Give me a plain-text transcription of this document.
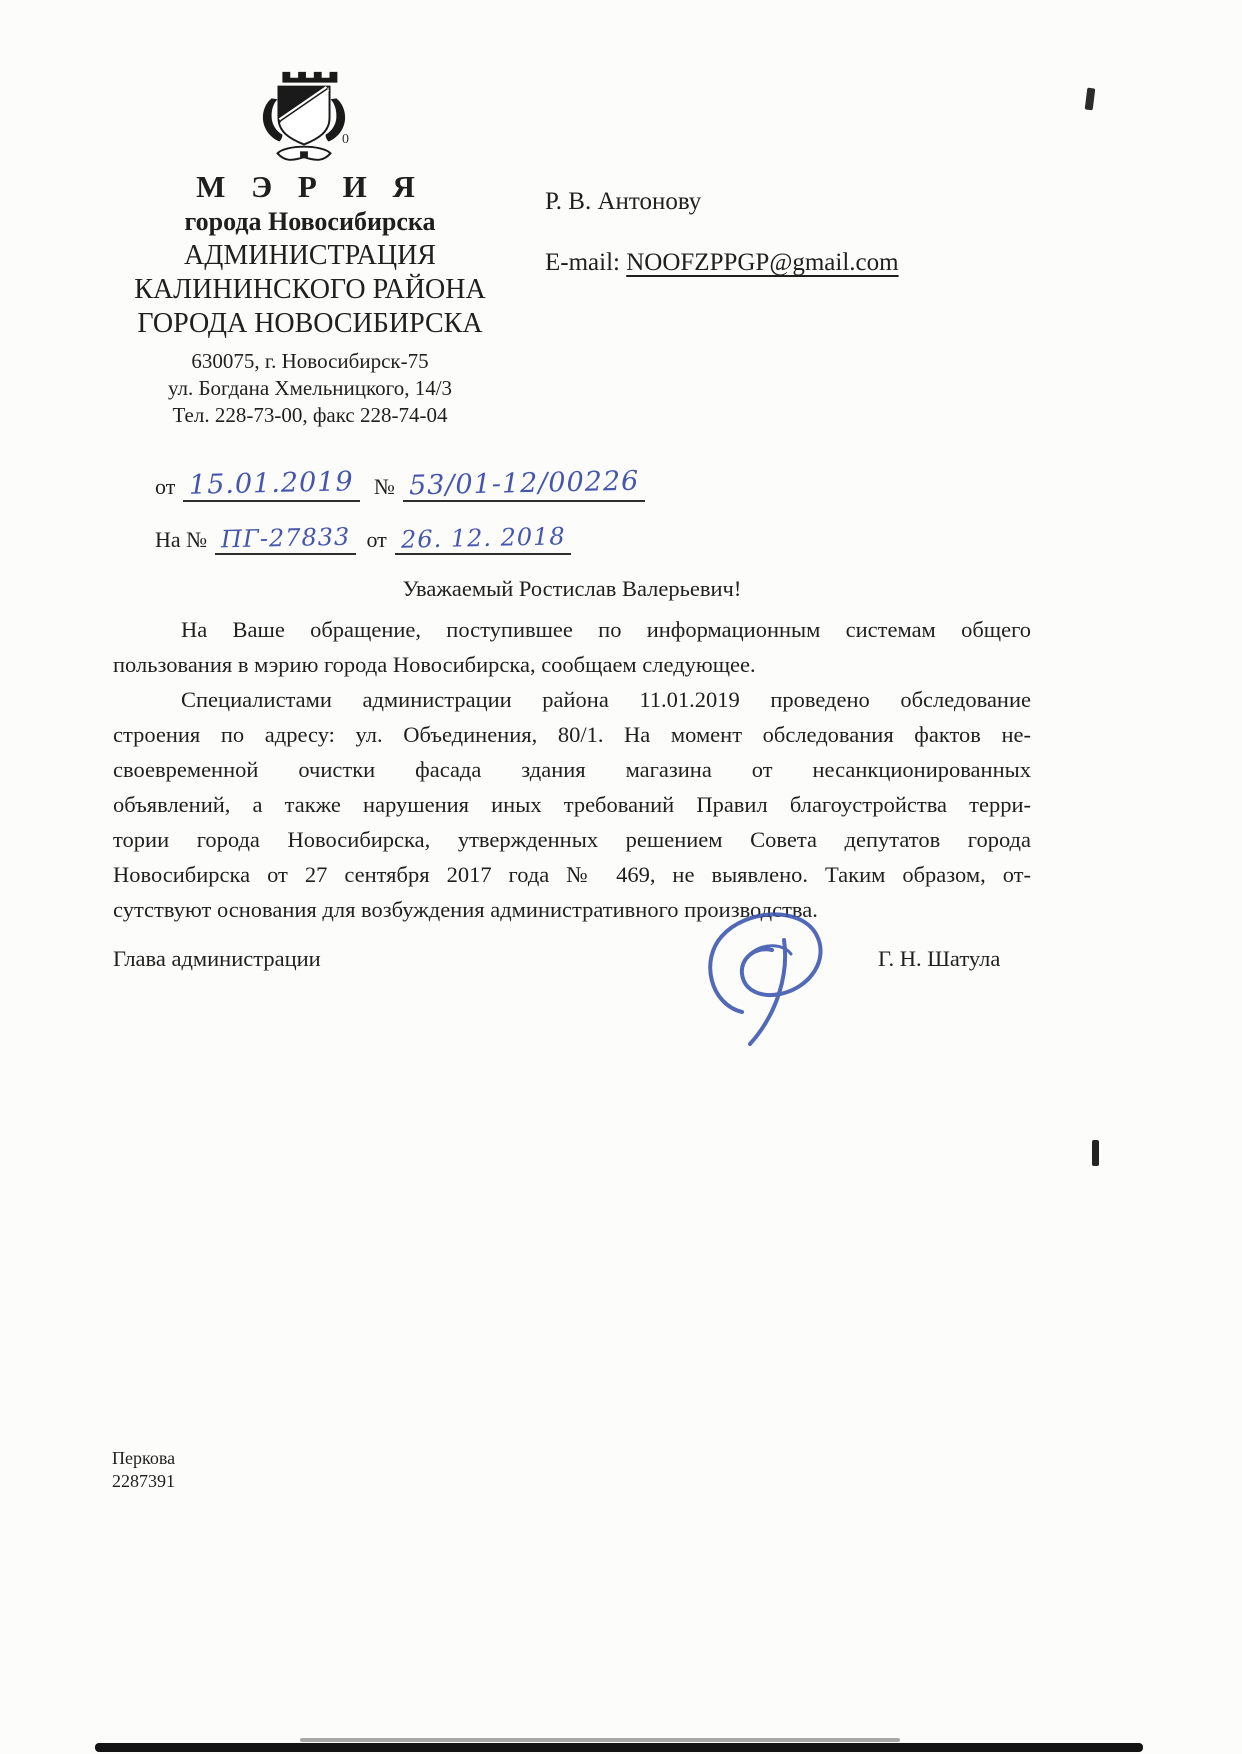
0
М Э Р И Я
города Новосибирска
АДМИНИСТРАЦИЯ
КАЛИНИНСКОГО РАЙОНА
ГОРОДА НОВОСИБИРСКА
630075, г. Новосибирск-75
ул. Богдана Хмельницкого, 14/3
Тел. 228-73-00, факс 228-74-04
Р. В. Антонову
E-mail: NOOFZPPGP@gmail.com
от 15.01.2019 № 53/01-12/00226
На № ПГ-27833 от 26. 12. 2018
Уважаемый Ростислав Валерьевич!
На Ваше обращение, поступившее по информационным системам общего
пользования в мэрию города Новосибирска, сообщаем следующее.
Специалистами администрации района 11.01.2019 проведено обследование
строения по адресу: ул. Объединения, 80/1. На момент обследования фактов не-
своевременной очистки фасада здания магазина от несанкционированных
объявлений, а также нарушения иных требований Правил благоустройства терри-
тории города Новосибирска, утвержденных решением Совета депутатов города
Новосибирска от 27 сентября 2017 года № 469, не выявлено. Таким образом, от-
сутствуют основания для возбуждения административного производства.
Глава администрации	Г. Н. Шатула
Перкова
2287391
